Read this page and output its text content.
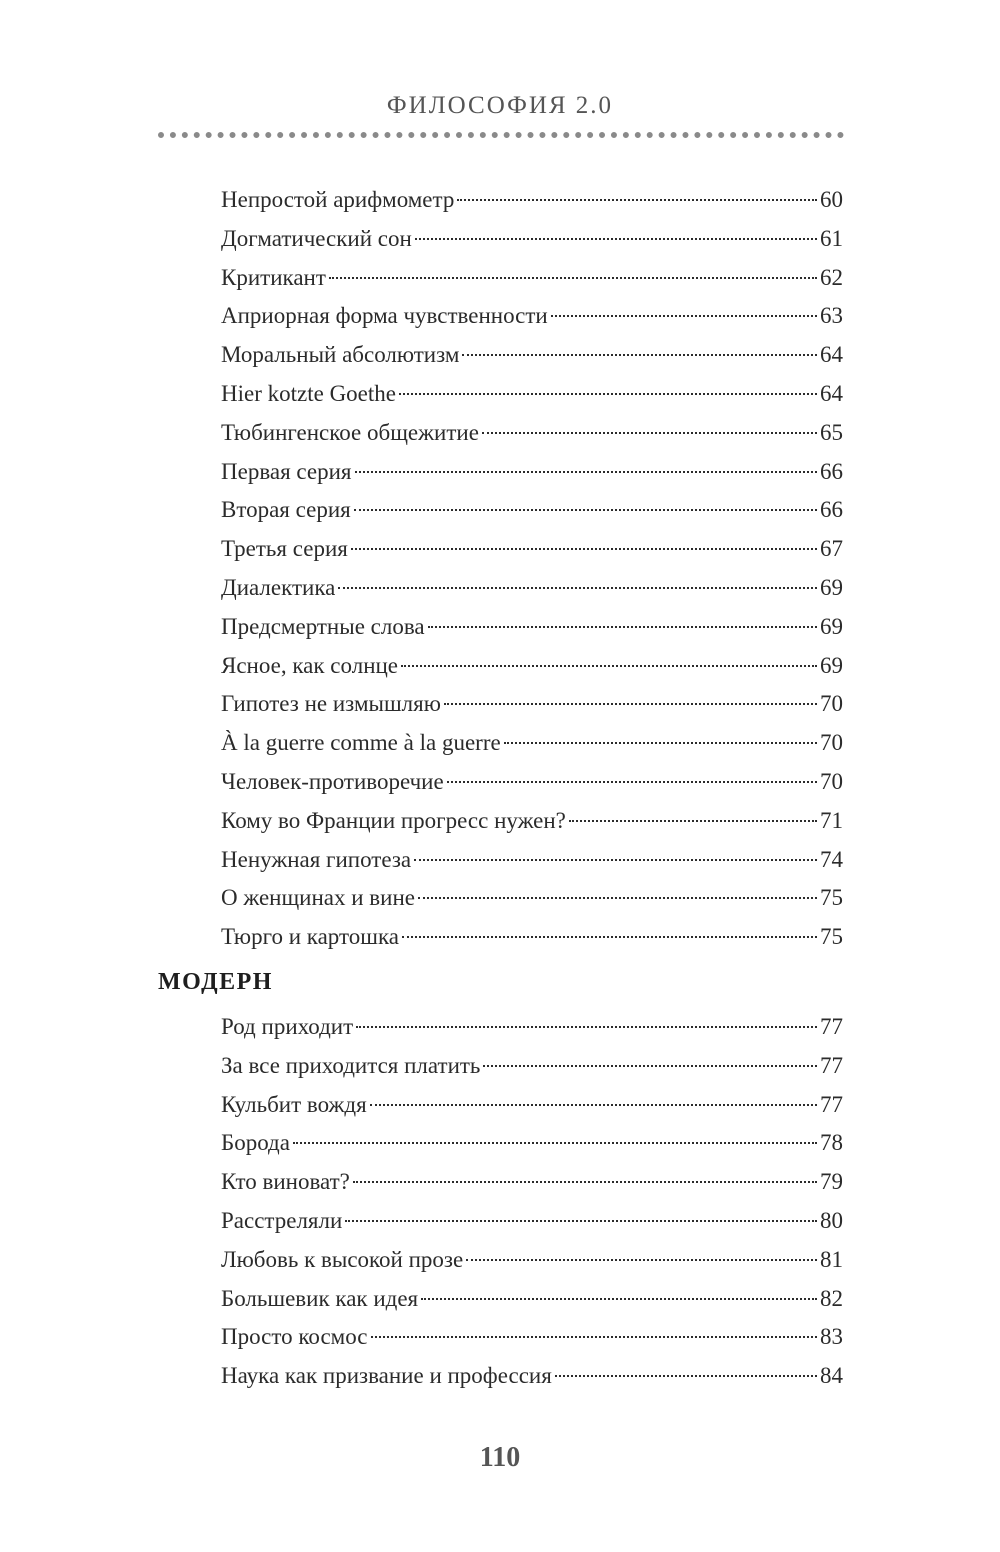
ФИЛОСОФИЯ 2.0
Непростой арифмометр	60
Догматический сон	61
Критикант	62
Априорная форма чувственности	63
Моральный абсолютизм	64
Hier kotzte Goethe	64
Тюбингенское общежитие	65
Первая серия	66
Вторая серия	66
Третья серия	67
Диалектика	69
Предсмертные слова	69
Ясное, как солнце	69
Гипотез не измышляю	70
À la guerre comme à la guerre	70
Человек-противоречие	70
Кому во Франции прогресс нужен?	71
Ненужная гипотеза	74
О женщинах и вине	75
Тюрго и картошка	75
МОДЕРН
Род приходит	77
За все приходится платить	77
Кульбит вождя	77
Борода	78
Кто виноват?	79
Расстреляли	80
Любовь к высокой прозе	81
Большевик как идея	82
Просто космос	83
Наука как призвание и профессия	84
110
